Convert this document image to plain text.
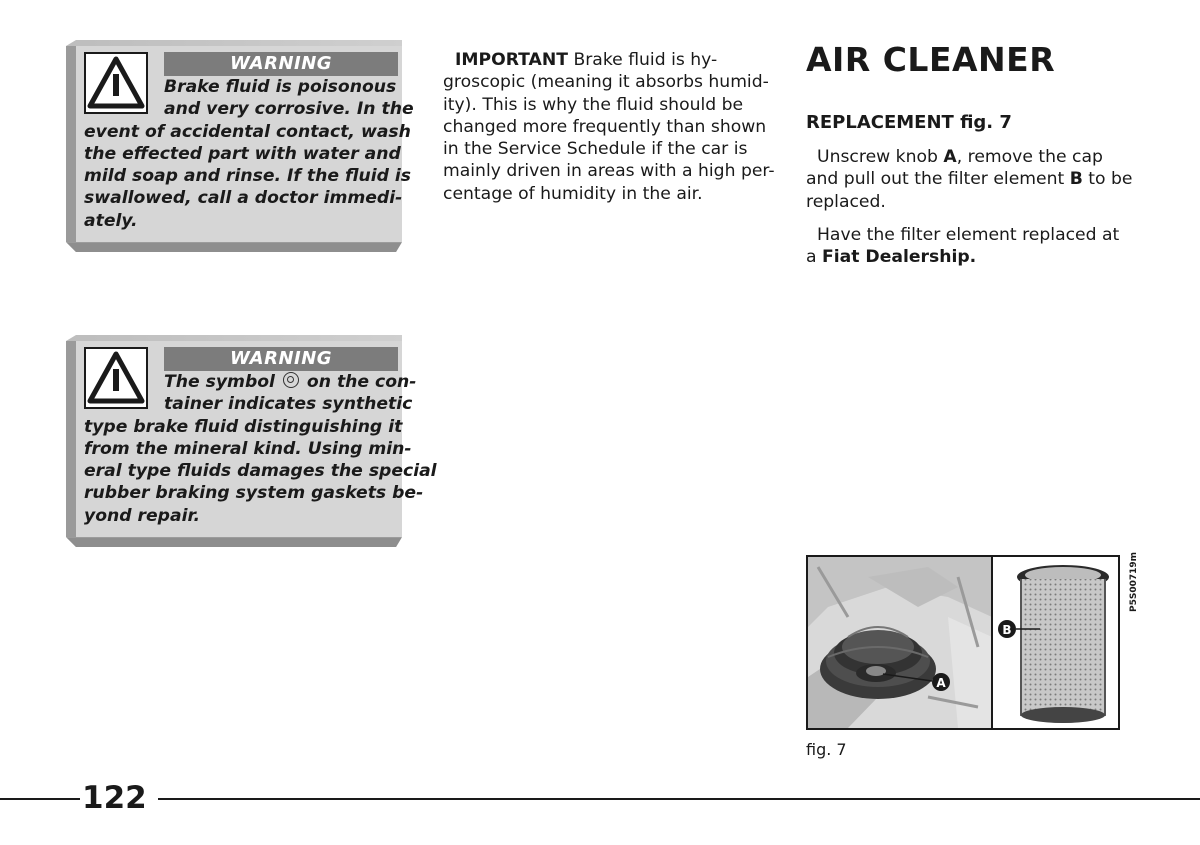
WARNING

Brake fluid is poisonous
and very corrosive. In the
event of accidental contact, wash
the effected part with water and
mild soap and rinse. If the fluid is
swallowed, call a doctor immedi-
ately.

WARNING

The symbol on the con-
tainer indicates synthetic
type brake fluid distinguishing it
from the mineral kind. Using min-
eral type fluids damages the special
rubber braking system gaskets be-
yond repair.

IMPORTANT Brake fluid is hy-
groscopic (meaning it absorbs humid-
ity). This is why the fluid should be
changed more frequently than shown
in the Service Schedule if the car is
mainly driven in areas with a high per-
centage of humidity in the air.
AIR CLEANER
REPLACEMENT fig. 7

Unscrew knob A, remove the cap
and pull out the filter element B to be
replaced.

Have the filter element replaced at
a Fiat Dealership.

A
B
P5S00719m
fig. 7
122
